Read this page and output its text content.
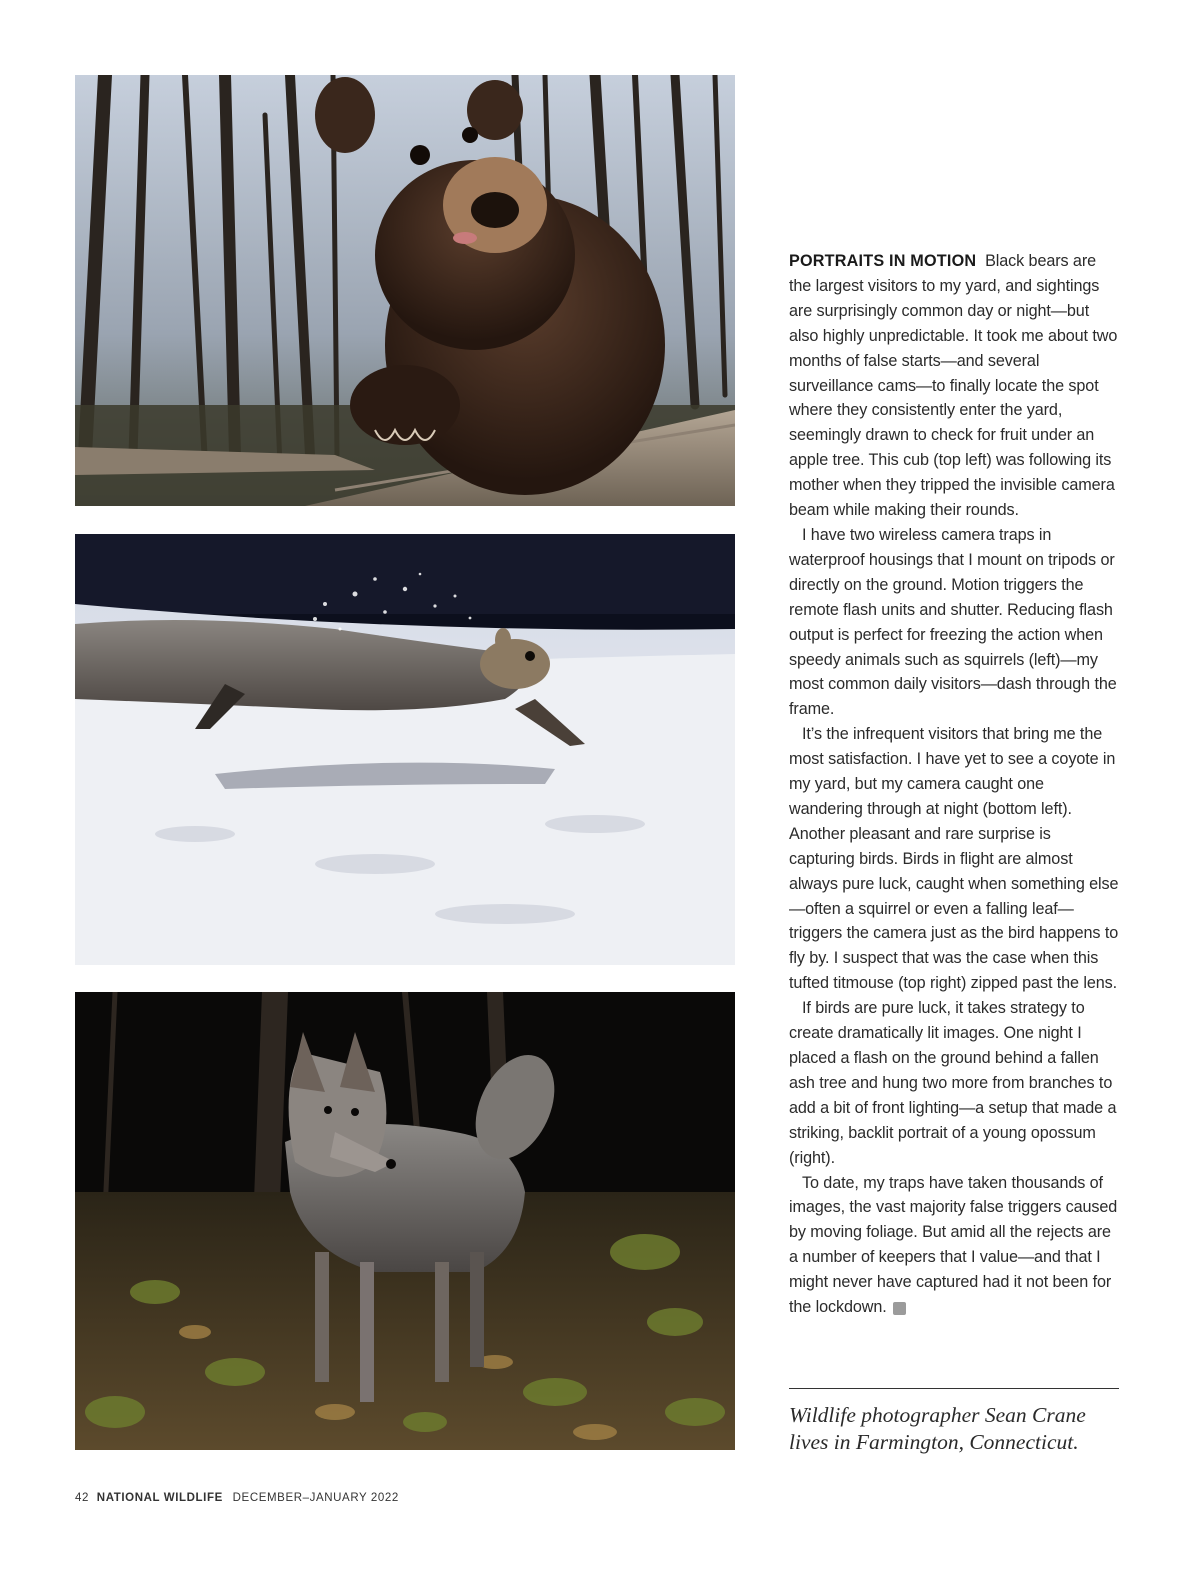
PORTRAITS IN MOTION Black bears are the largest visitors to my yard, and sightings are surprisingly common day or night—but also highly unpredictable. It took me about two months of false starts—and several surveillance cams—to finally locate the spot where they consistently enter the yard, seemingly drawn to check for fruit under an apple tree. This cub (top left) was following its mother when they tripped the invisible camera beam while making their rounds.

I have two wireless camera traps in waterproof housings that I mount on tripods or directly on the ground. Motion triggers the remote flash units and shutter. Reducing flash output is perfect for freezing the action when speedy animals such as squirrels (left)—my most common daily visitors—dash through the frame.

It’s the infrequent visitors that bring me the most satisfaction. I have yet to see a coyote in my yard, but my camera caught one wandering through at night (bottom left). Another pleasant and rare surprise is capturing birds. Birds in flight are almost always pure luck, caught when something else—often a squirrel or even a falling leaf—triggers the camera just as the bird happens to fly by. I suspect that was the case when this tufted titmouse (top right) zipped past the lens.

If birds are pure luck, it takes strategy to create dramatically lit images. One night I placed a flash on the ground behind a fallen ash tree and hung two more from branches to add a bit of front lighting—a setup that made a striking, backlit portrait of a young opossum (right).

To date, my traps have taken thousands of images, the vast majority false triggers caused by moving foliage. But amid all the rejects are a number of keepers that I value—and that I might never have captured had it not been for the lockdown. W

Wildlife photographer Sean Crane lives in Farmington, Connecticut.
42 NATIONAL WILDLIFE DECEMBER–JANUARY 2022
